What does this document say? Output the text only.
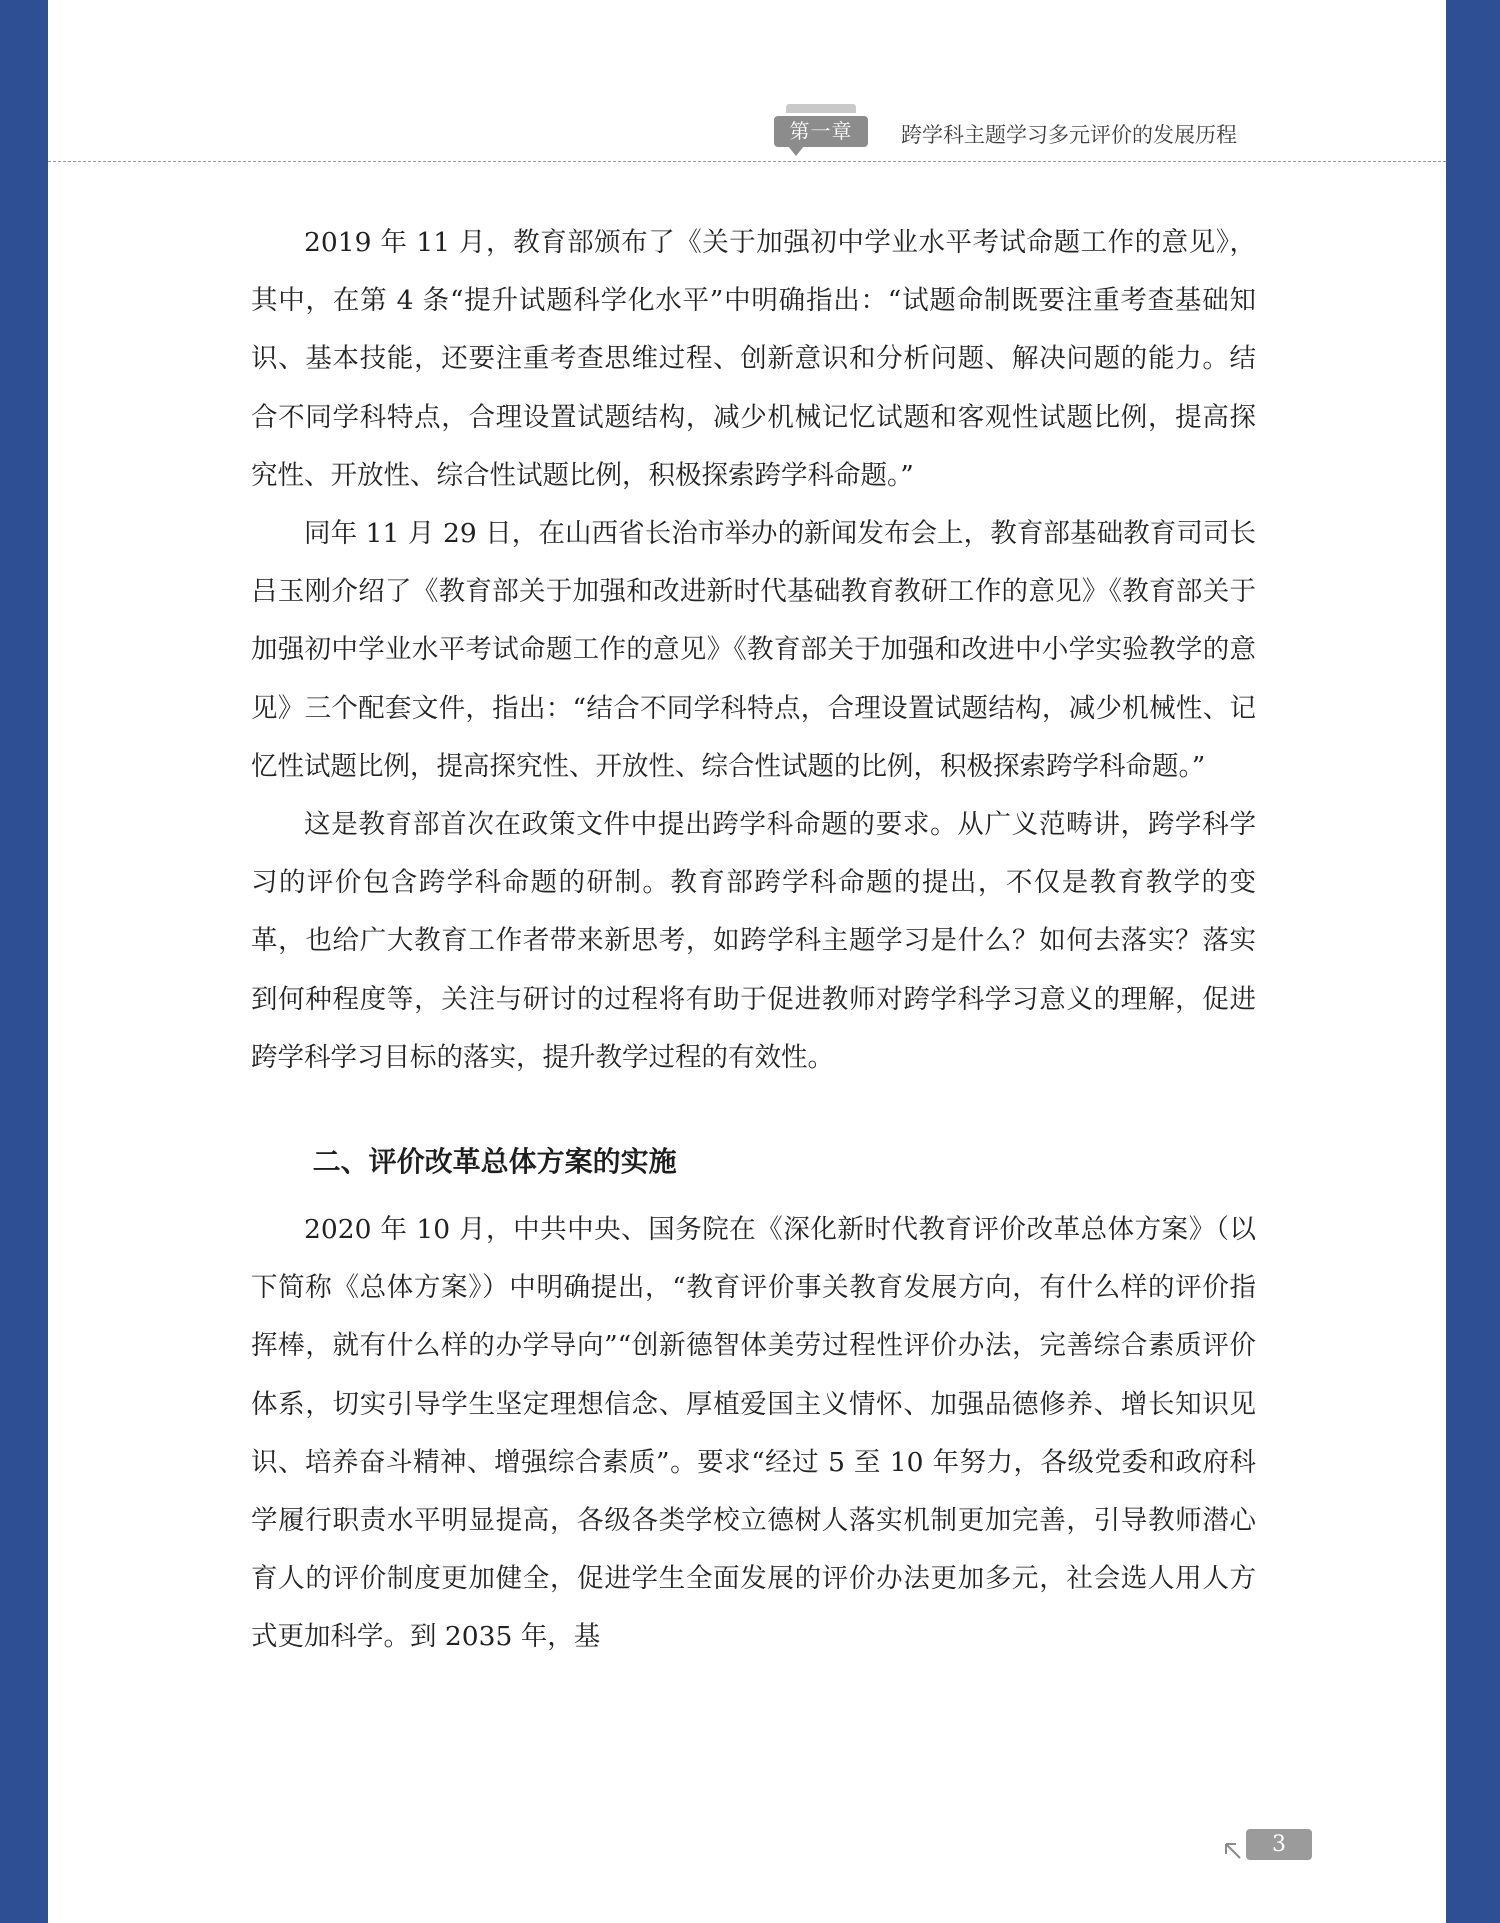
第一章	跨学科主题学习多元评价的发展历程

2019 年 11 月，教育部颁布了《关于加强初中学业水平考试命题工作的意见》，其中，在第 4 条“提升试题科学化水平”中明确指出：“试题命制既要注重考查基础知识、基本技能，还要注重考查思维过程、创新意识和分析问题、解决问题的能力。结合不同学科特点，合理设置试题结构，减少机械记忆试题和客观性试题比例，提高探究性、开放性、综合性试题比例，积极探索跨学科命题。”

同年 11 月 29 日，在山西省长治市举办的新闻发布会上，教育部基础教育司司长吕玉刚介绍了《教育部关于加强和改进新时代基础教育教研工作的意见》《教育部关于加强初中学业水平考试命题工作的意见》《教育部关于加强和改进中小学实验教学的意见》三个配套文件，指出：“结合不同学科特点，合理设置试题结构，减少机械性、记忆性试题比例，提高探究性、开放性、综合性试题的比例，积极探索跨学科命题。”

这是教育部首次在政策文件中提出跨学科命题的要求。从广义范畴讲，跨学科学习的评价包含跨学科命题的研制。教育部跨学科命题的提出，不仅是教育教学的变革，也给广大教育工作者带来新思考，如跨学科主题学习是什么？如何去落实？落实到何种程度等，关注与研讨的过程将有助于促进教师对跨学科学习意义的理解，促进跨学科学习目标的落实，提升教学过程的有效性。

二、评价改革总体方案的实施

2020 年 10 月，中共中央、国务院在《深化新时代教育评价改革总体方案》（以下简称《总体方案》）中明确提出，“教育评价事关教育发展方向，有什么样的评价指挥棒，就有什么样的办学导向”“创新德智体美劳过程性评价办法，完善综合素质评价体系，切实引导学生坚定理想信念、厚植爱国主义情怀、加强品德修养、增长知识见识、培养奋斗精神、增强综合素质”。要求“经过 5 至 10 年努力，各级党委和政府科学履行职责水平明显提高，各级各类学校立德树人落实机制更加完善，引导教师潜心育人的评价制度更加健全，促进学生全面发展的评价办法更加多元，社会选人用人方式更加科学。到 2035 年，基

3
